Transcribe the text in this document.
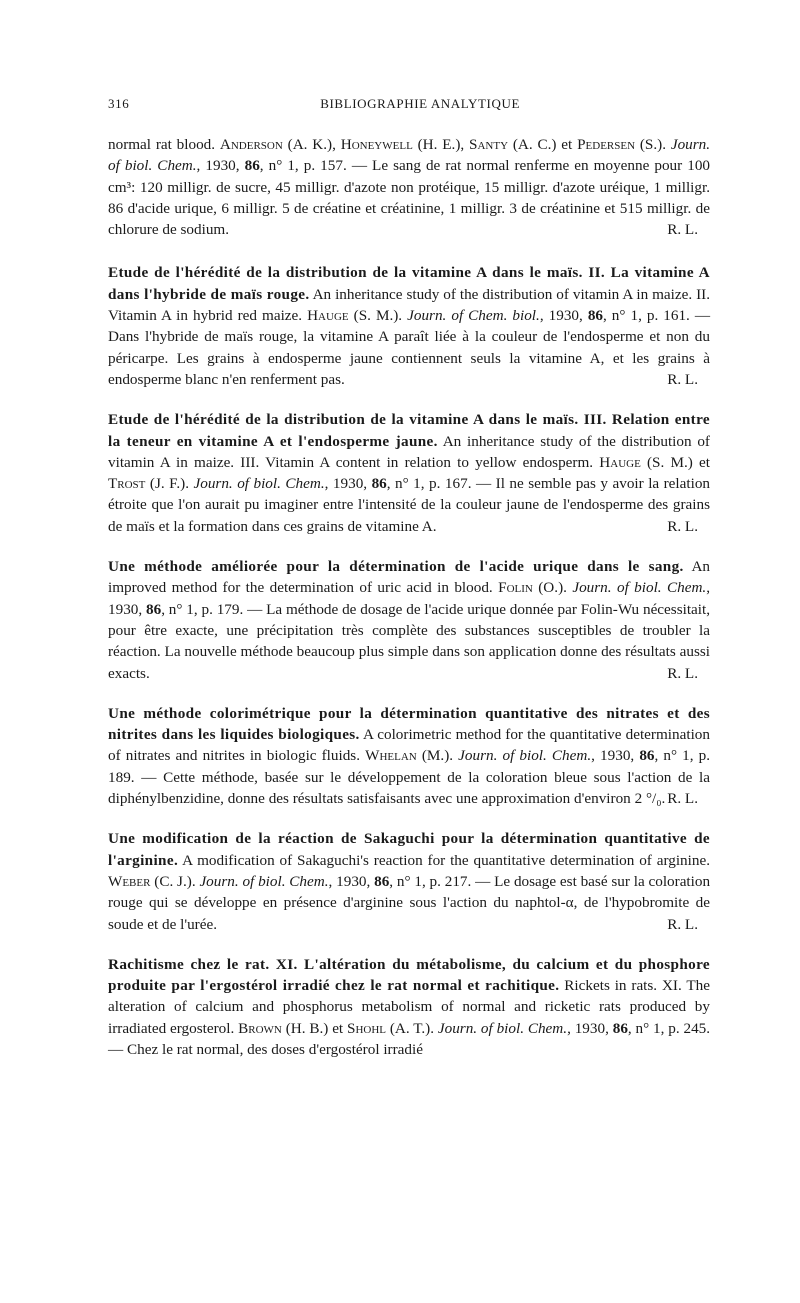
316	BIBLIOGRAPHIE ANALYTIQUE

normal rat blood. Anderson (A. K.), Honeywell (H. E.), Santy (A. C.) et Pedersen (S.). Journ. of biol. Chem., 1930, 86, n° 1, p. 157. — Le sang de rat normal renferme en moyenne pour 100 cm³: 120 milligr. de sucre, 45 milligr. d'azote non protéique, 15 milligr. d'azote uréique, 1 milligr. 86 d'acide urique, 6 milligr. 5 de créatine et créatinine, 1 milligr. 3 de créatinine et 515 milligr. de chlorure de sodium.	R. L.

Etude de l'hérédité de la distribution de la vitamine A dans le maïs. II. La vitamine A dans l'hybride de maïs rouge. An inheritance study of the distribution of vitamin A in maize. II. Vitamin A in hybrid red maize. Hauge (S. M.). Journ. of Chem. biol., 1930, 86, n° 1, p. 161. — Dans l'hybride de maïs rouge, la vitamine A paraît liée à la couleur de l'endosperme et non du péricarpe. Les grains à endosperme jaune contiennent seuls la vitamine A, et les grains à endosperme blanc n'en renferment pas.	R. L.

Etude de l'hérédité de la distribution de la vitamine A dans le maïs. III. Relation entre la teneur en vitamine A et l'endosperme jaune. An inheritance study of the distribution of vitamin A in maize. III. Vitamin A content in relation to yellow endosperm. Hauge (S. M.) et Trost (J. F.). Journ. of biol. Chem., 1930, 86, n° 1, p. 167. — Il ne semble pas y avoir la relation étroite que l'on aurait pu imaginer entre l'intensité de la couleur jaune de l'endosperme des grains de maïs et la formation dans ces grains de vitamine A.	R. L.

Une méthode améliorée pour la détermination de l'acide urique dans le sang. An improved method for the determination of uric acid in blood. Folin (O.). Journ. of biol. Chem., 1930, 86, n° 1, p. 179. — La méthode de dosage de l'acide urique donnée par Folin-Wu nécessitait, pour être exacte, une précipitation très complète des substances susceptibles de troubler la réaction. La nouvelle méthode beaucoup plus simple dans son application donne des résultats aussi exacts.	R. L.

Une méthode colorimétrique pour la détermination quantitative des nitrates et des nitrites dans les liquides biologiques. A colorimetric method for the quantitative determination of nitrates and nitrites in biologic fluids. Whelan (M.). Journ. of biol. Chem., 1930, 86, n° 1, p. 189. — Cette méthode, basée sur le développement de la coloration bleue sous l'action de la diphénylbenzidine, donne des résultats satisfaisants avec une approximation d'environ 2 °/₀. R. L.

Une modification de la réaction de Sakaguchi pour la détermination quantitative de l'arginine. A modification of Sakaguchi's reaction for the quantitative determination of arginine. Weber (C. J.). Journ. of biol. Chem., 1930, 86, n° 1, p. 217. — Le dosage est basé sur la coloration rouge qui se développe en présence d'arginine sous l'action du naphtol-α, de l'hypobromite de soude et de l'urée.	R. L.

Rachitisme chez le rat. XI. L'altération du métabolisme, du calcium et du phosphore produite par l'ergostérol irradié chez le rat normal et rachitique. Rickets in rats. XI. The alteration of calcium and phosphorus metabolism of normal and ricketic rats produced by irradiated ergosterol. Brown (H. B.) et Shohl (A. T.). Journ. of biol. Chem., 1930, 86, n° 1, p. 245. — Chez le rat normal, des doses d'ergostérol irradié
